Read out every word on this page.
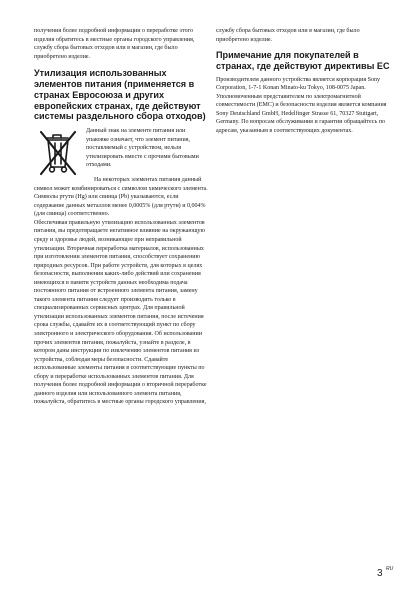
получения более подробной информации о переработке этого изделия обратитесь в местные органы городского управления, службу сбора бытовых отходов или в магазин, где было приобретено изделие.

Утилизация использованных элементов питания (применяется в странах Евросоюза и других европейских странах, где действуют системы раздельного сбора отходов)

Данный знак на элементе питания или упаковке означает, что элемент питания, поставляемый с устройством, нельзя утилизировать вместе с прочими бытовыми отходами.

На некоторых элементах питания данный символ может комбинироваться с символом химического элемента. Символы ртути (Hg) или свинца (Pb) указываются, если содержание данных металлов менее 0,0005% (для ртути) и 0,004% (для свинца) соответственно.

Обеспечивая правильную утилизацию использованных элементов питания, вы предотвращаете негативное влияние на окружающую среду и здоровье людей, возникающее при неправильной утилизации. Вторичная переработка материалов, использованных при изготовлении элементов питания, способствует сохранению природных ресурсов. При работе устройств, для которых в целях безопасности, выполнения каких-либо действий или сохранения имеющихся в памяти устройств данных необходима подача постоянного питания от встроенного элемента питания, замену такого элемента питания следует производить только в специализированных сервисных центрах. Для правильной утилизации использованных элементов питания, после истечения срока службы, сдавайте их в соответствующий пункт по сбору электронного и электрического оборудования. Об использовании прочих элементов питания, пожалуйста, узнайте в разделе, в котором даны инструкции по извлечению элементов питания из устройства, соблюдая меры безопасности. Сдавайте использованные элементы питания в соответствующие пункты по сбору и переработке использованных элементов питания. Для получения более подробной информации о вторичной переработке данного изделия или использованного элемента питания, пожалуйста, обратитесь в местные органы городского управления,

службу сбора бытовых отходов или в магазин, где было приобретено изделие.

Примечание для покупателей в странах, где действуют директивы ЕС

Производителем данного устройства является корпорация Sony Corporation, 1-7-1 Konan Minato-ku Tokyo, 108-0075 Japan. Уполномоченным представителем по электромагнитной совместимости (EMC) и безопасности изделия является компания Sony Deutschland GmbH, Hedelfinger Strasse 61, 70327 Stuttgart, Germany. По вопросам обслуживания и гарантии обращайтесь по адресам, указанным в соответствующих документах.

3 RU
